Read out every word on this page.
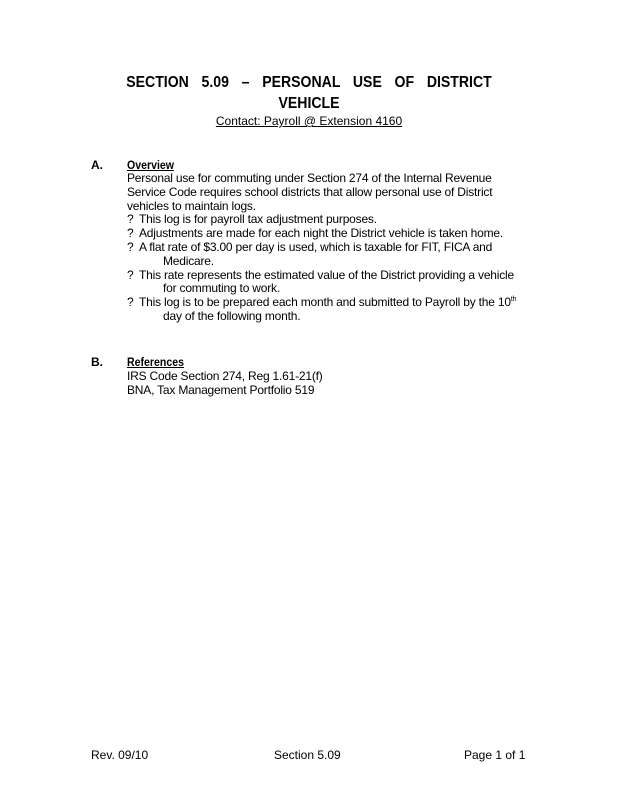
SECTION 5.09 – PERSONAL USE OF DISTRICT
VEHICLE
Contact: Payroll @ Extension 4160
A. Overview
Personal use for commuting under Section 274 of the Internal Revenue Service Code requires school districts that allow personal use of District vehicles to maintain logs.
? This log is for payroll tax adjustment purposes.
? Adjustments are made for each night the District vehicle is taken home.
? A flat rate of $3.00 per day is used, which is taxable for FIT, FICA and Medicare.
? This rate represents the estimated value of the District providing a vehicle for commuting to work.
? This log is to be prepared each month and submitted to Payroll by the 10th day of the following month.
B. References
IRS Code Section 274, Reg 1.61-21(f)
BNA, Tax Management Portfolio 519
Rev. 09/10	Section 5.09	Page 1 of 1
